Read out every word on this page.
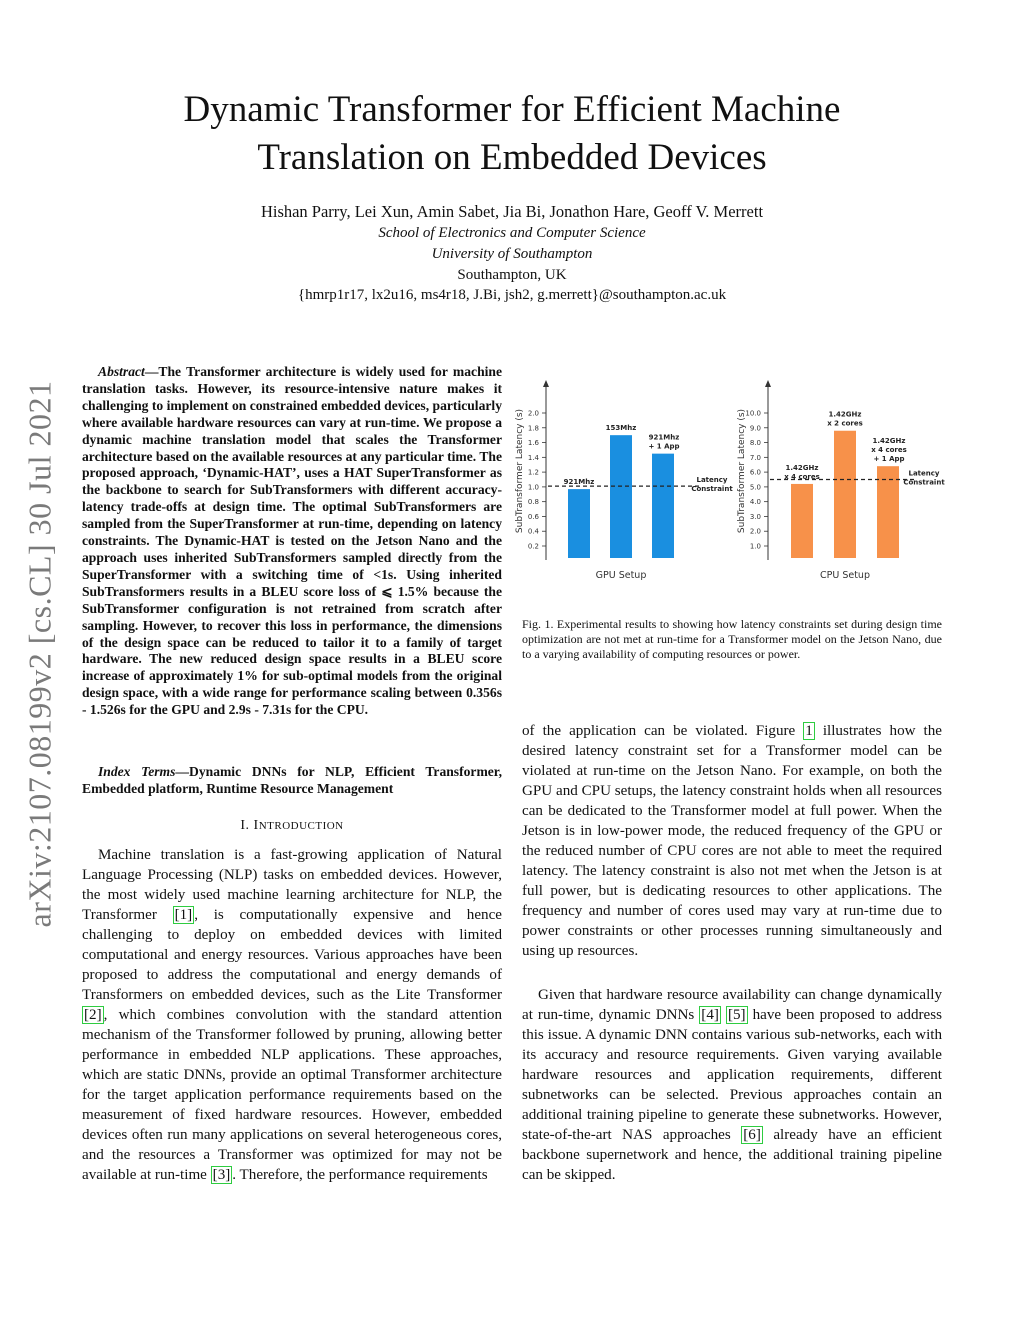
Dynamic Transformer for Efficient Machine
Translation on Embedded Devices
Hishan Parry, Lei Xun, Amin Sabet, Jia Bi, Jonathon Hare, Geoff V. Merrett
School of Electronics and Computer Science
University of Southampton
Southampton, UK
{hmrp1r17, lx2u16, ms4r18, J.Bi, jsh2, g.merrett}@southampton.ac.uk
arXiv:2107.08199v2 [cs.CL] 30 Jul 2021
Abstract—The Transformer architecture is widely used for machine translation tasks. However, its resource-intensive nature makes it challenging to implement on constrained embedded devices, particularly where available hardware resources can vary at run-time. We propose a dynamic machine translation model that scales the Transformer architecture based on the available resources at any particular time. The proposed approach, ‘Dynamic-HAT’, uses a HAT SuperTransformer as the backbone to search for SubTransformers with different accuracy-latency trade-offs at design time. The optimal SubTransformers are sampled from the SuperTransformer at run-time, depending on latency constraints. The Dynamic-HAT is tested on the Jetson Nano and the approach uses inherited SubTransformers sampled directly from the SuperTransformer with a switching time of <1s. Using inherited SubTransformers results in a BLEU score loss of ⩽ 1.5% because the SubTransformer configuration is not retrained from scratch after sampling. However, to recover this loss in performance, the dimensions of the design space can be reduced to tailor it to a family of target hardware. The new reduced design space results in a BLEU score increase of approximately 1% for sub-optimal models from the original design space, with a wide range for performance scaling between 0.356s - 1.526s for the GPU and 2.9s - 7.31s for the CPU.
Index Terms—Dynamic DNNs for NLP, Efficient Transformer, Embedded platform, Runtime Resource Management
I. INTRODUCTION
Machine translation is a fast-growing application of Natural Language Processing (NLP) tasks on embedded devices. However, the most widely used machine learning architecture for NLP, the Transformer [1] , is computationally expensive and hence challenging to deploy on embedded devices with limited computational and energy resources. Various approaches have been proposed to address the computational and energy demands of Transformers on embedded devices, such as the Lite Transformer [2] , which combines convolution with the standard attention mechanism of the Transformer followed by pruning, allowing better performance in embedded NLP applications. These approaches, which are static DNNs, provide an optimal Transformer architecture for the target application performance requirements based on the measurement of fixed hardware resources. However, embedded devices often run many applications on several heterogeneous cores, and the resources a Transformer was optimized for may not be available at run-time [3] . Therefore, the performance requirements
0.2
0.4
0.6
0.8
1.0
1.2
1.4
1.6
1.8
2.0
SubTransformer Latency (s)	921Mhz
153Mhz
921Mhz
+ 1 App
Latency
Constraint
GPU Setup
1.0
2.0
3.0
4.0
5.0
6.0
7.0
8.0
9.0
10.0
SubTransformer Latency (s)	1.42GHz
x 4 cores
1.42GHz
x 2 cores
1.42GHz
x 4 cores
+ 1 App
Latency
Constraint
CPU Setup
Fig. 1. Experimental results to showing how latency constraints set during design time optimization are not met at run-time for a Transformer model on the Jetson Nano, due to a varying availability of computing resources or power.
of the application can be violated. Figure 1 illustrates how the desired latency constraint set for a Transformer model can be violated at run-time on the Jetson Nano. For example, on both the GPU and CPU setups, the latency constraint holds when all resources can be dedicated to the Transformer model at full power. When the Jetson is in low-power mode, the reduced frequency of the GPU or the reduced number of CPU cores are not able to meet the required latency. The latency constraint is also not met when the Jetson is at full power, but is dedicating resources to other applications. The frequency and number of cores used may vary at run-time due to power constraints or other processes running simultaneously and using up resources.
Given that hardware resource availability can change dynamically at run-time, dynamic DNNs [4] [5] have been proposed to address this issue. A dynamic DNN contains various sub-networks, each with its accuracy and resource requirements. Given varying available hardware resources and application requirements, different subnetworks can be selected. Previous approaches contain an additional training pipeline to generate these subnetworks. However, state-of-the-art NAS approaches [6] already have an efficient backbone supernetwork and hence, the additional training pipeline can be skipped.
